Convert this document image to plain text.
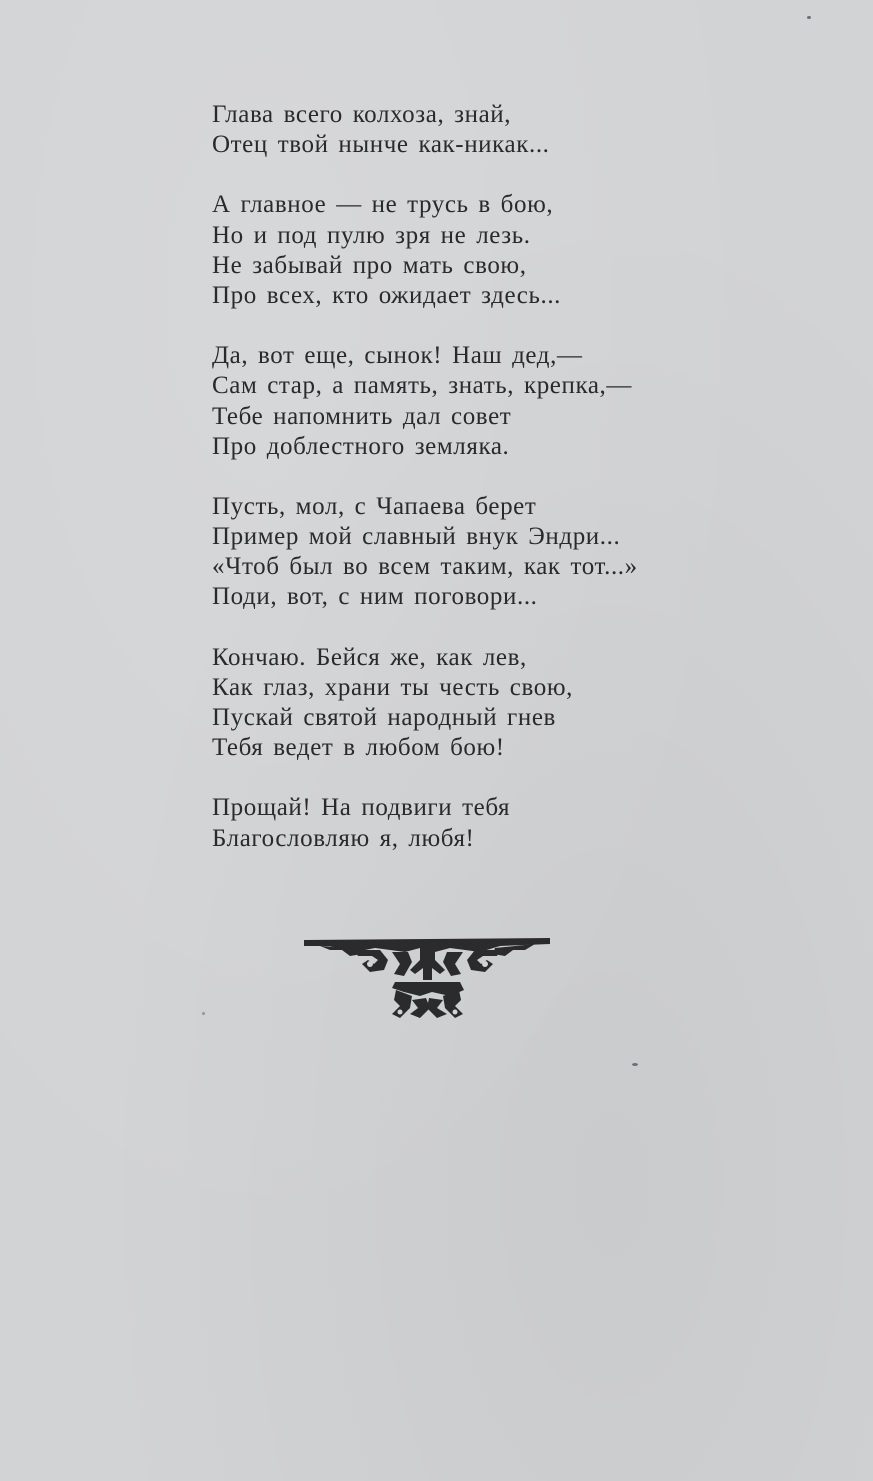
Глава всего колхоза, знай,
Отец твой нынче как-никак...
А главное — не трусь в бою,
Но и под пулю зря не лезь.
Не забывай про мать свою,
Про всех, кто ожидает здесь...
Да, вот еще, сынок! Наш дед,—
Сам стар, а память, знать, крепка,—
Тебе напомнить дал совет
Про доблестного земляка.
Пусть, мол, с Чапаева берет
Пример мой славный внук Эндри...
«Чтоб был во всем таким, как тот...»
Поди, вот, с ним поговори...
Кончаю. Бейся же, как лев,
Как глаз, храни ты честь свою,
Пускай святой народный гнев
Тебя ведет в любом бою!
Прощай! На подвиги тебя
Благословляю я, любя!
